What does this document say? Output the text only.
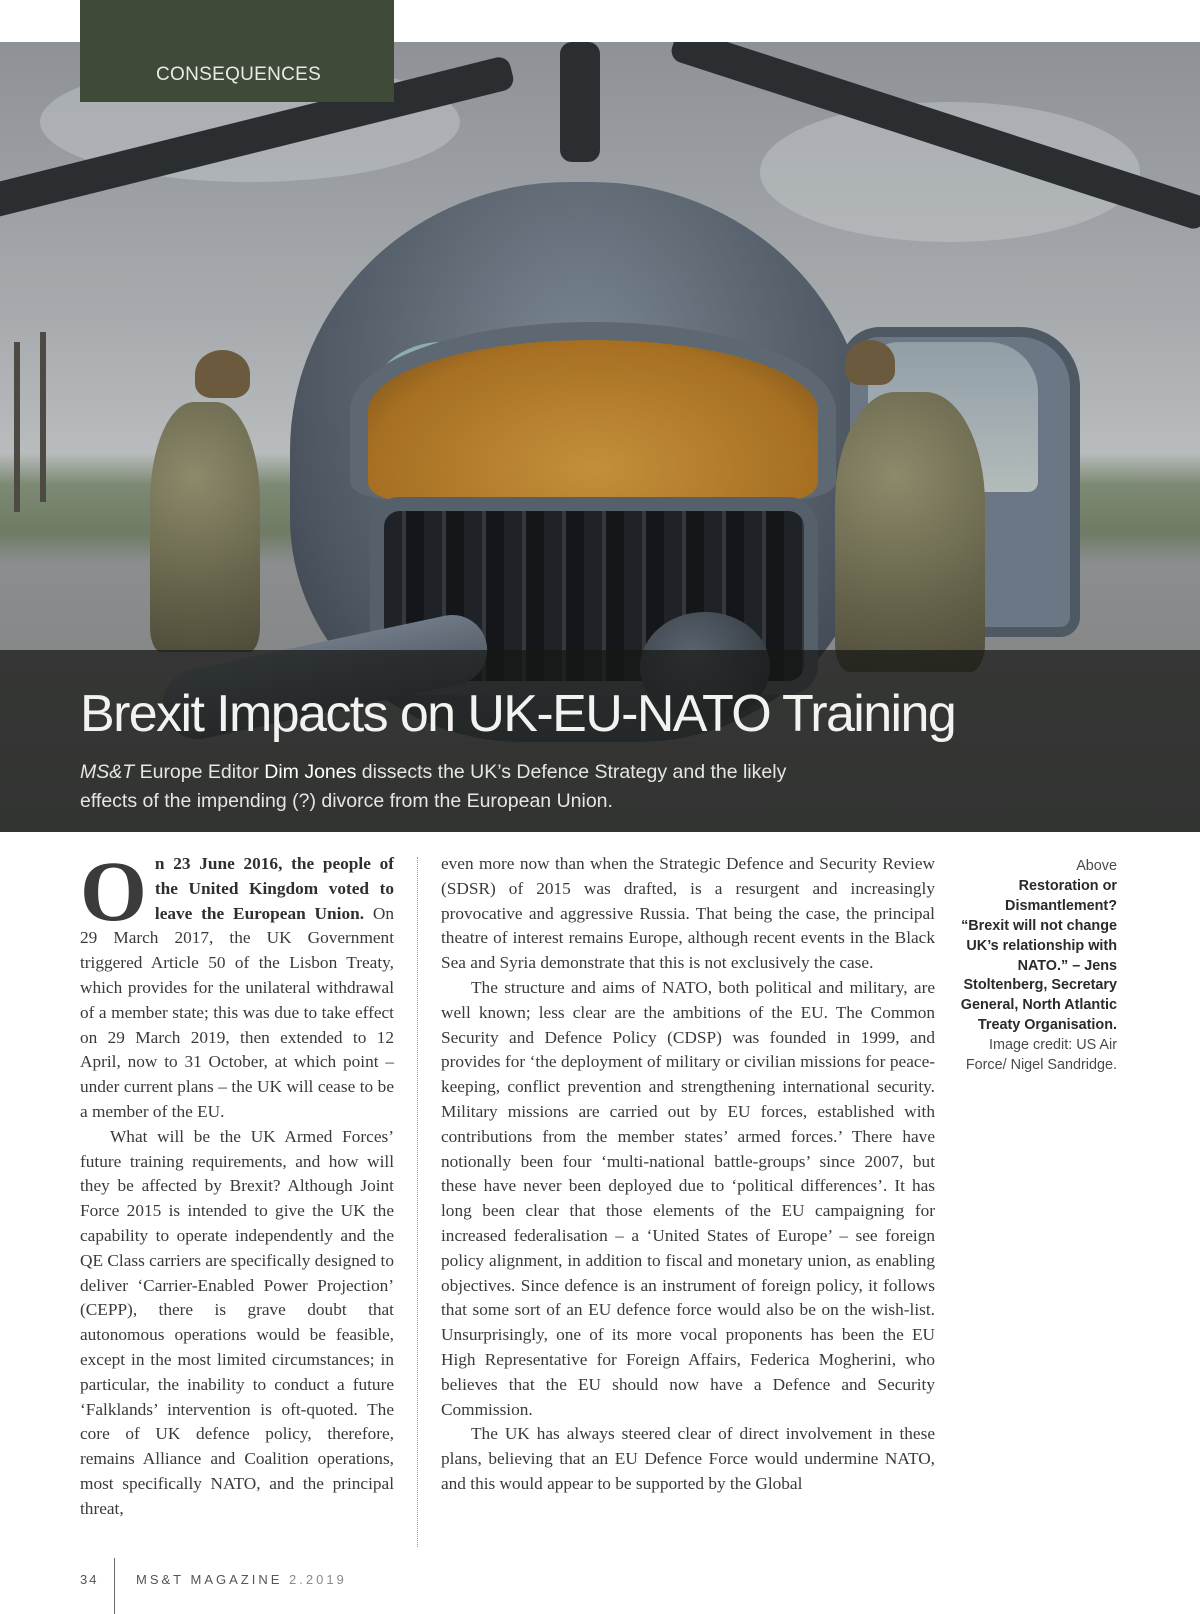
CONSEQUENCES
Brexit Impacts on UK-EU-NATO Training

MS&T Europe Editor Dim Jones dissects the UK’s Defence Strategy and the likely effects of the impending (?) divorce from the European Union.

On 23 June 2016, the people of the United Kingdom voted to leave the European Union. On 29 March 2017, the UK Government triggered Article 50 of the Lisbon Treaty, which provides for the unilateral withdrawal of a member state; this was due to take effect on 29 March 2019, then extended to 12 April, now to 31 October, at which point – under current plans – the UK will cease to be a member of the EU.

What will be the UK Armed Forces’ future training requirements, and how will they be affected by Brexit? Although Joint Force 2015 is intended to give the UK the capability to operate independently and the QE Class carriers are specifically designed to deliver ‘Carrier-Enabled Power Projection’ (CEPP), there is grave doubt that autonomous operations would be feasible, except in the most limited circumstances; in particular, the inability to conduct a future ‘Falklands’ intervention is oft-quoted. The core of UK defence policy, therefore, remains Alliance and Coalition operations, most specifically NATO, and the principal threat,

even more now than when the Strategic Defence and Security Review (SDSR) of 2015 was drafted, is a resurgent and increasingly provocative and aggressive Russia. That being the case, the principal theatre of interest remains Europe, although recent events in the Black Sea and Syria demonstrate that this is not exclusively the case.

The structure and aims of NATO, both political and military, are well known; less clear are the ambitions of the EU. The Common Security and Defence Policy (CDSP) was founded in 1999, and provides for ‘the deployment of military or civilian missions for peace-keeping, conflict prevention and strengthening international security. Military missions are carried out by EU forces, established with contributions from the member states’ armed forces.’ There have notionally been four ‘multi-national battle-groups’ since 2007, but these have never been deployed due to ‘political differences’. It has long been clear that those elements of the EU campaigning for increased federalisation – a ‘United States of Europe’ – see foreign policy alignment, in addition to fiscal and monetary union, as enabling objectives. Since defence is an instrument of foreign policy, it follows that some sort of an EU defence force would also be on the wish-list. Unsurprisingly, one of its more vocal proponents has been the EU High Representative for Foreign Affairs, Federica Mogherini, who believes that the EU should now have a Defence and Security Commission.

The UK has always steered clear of direct involvement in these plans, believing that an EU Defence Force would undermine NATO, and this would appear to be supported by the Global

Above
Restoration or Dismantlement? “Brexit will not change UK’s relationship with NATO.” – Jens Stoltenberg, Secretary General, North Atlantic Treaty Organisation.
Image credit: US Air Force/ Nigel Sandridge.
34	MS&T MAGAZINE 2.2019
